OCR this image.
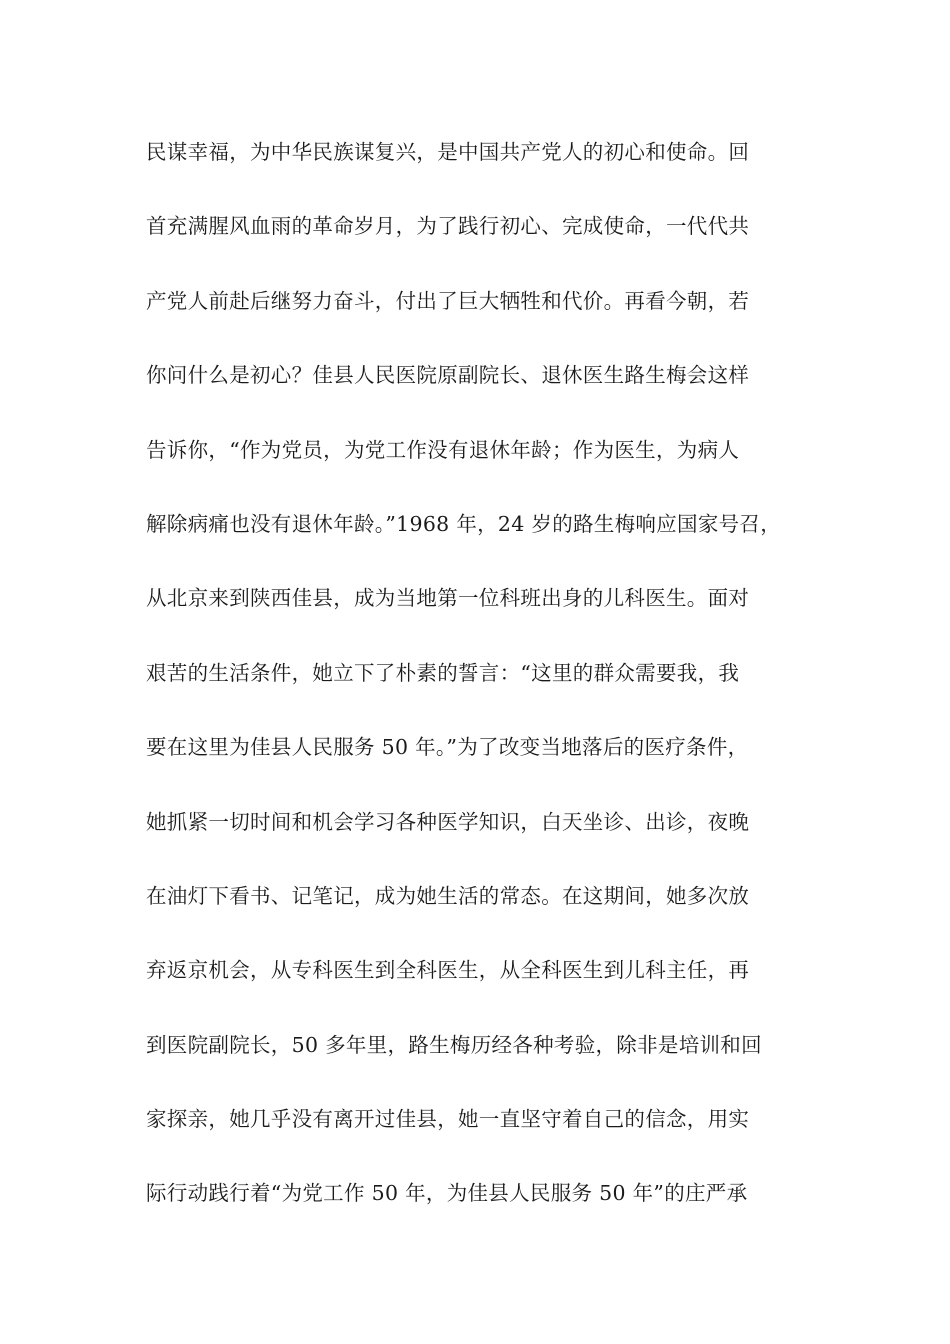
民谋幸福，为中华民族谋复兴，是中国共产党人的初心和使命。回
首充满腥风血雨的革命岁月，为了践行初心、完成使命，一代代共
产党人前赴后继努力奋斗，付出了巨大牺牲和代价。再看今朝，若
你问什么是初心？佳县人民医院原副院长、退休医生路生梅会这样
告诉你，“作为党员，为党工作没有退休年龄；作为医生，为病人
解除病痛也没有退休年龄。”1968 年，24 岁的路生梅响应国家号召，
从北京来到陕西佳县，成为当地第一位科班出身的儿科医生。面对
艰苦的生活条件，她立下了朴素的誓言：“这里的群众需要我，我
要在这里为佳县人民服务 50 年。”为了改变当地落后的医疗条件，
她抓紧一切时间和机会学习各种医学知识，白天坐诊、出诊，夜晚
在油灯下看书、记笔记，成为她生活的常态。在这期间，她多次放
弃返京机会，从专科医生到全科医生，从全科医生到儿科主任，再
到医院副院长，50 多年里，路生梅历经各种考验，除非是培训和回
家探亲，她几乎没有离开过佳县，她一直坚守着自己的信念，用实
际行动践行着“为党工作 50 年，为佳县人民服务 50 年”的庄严承
